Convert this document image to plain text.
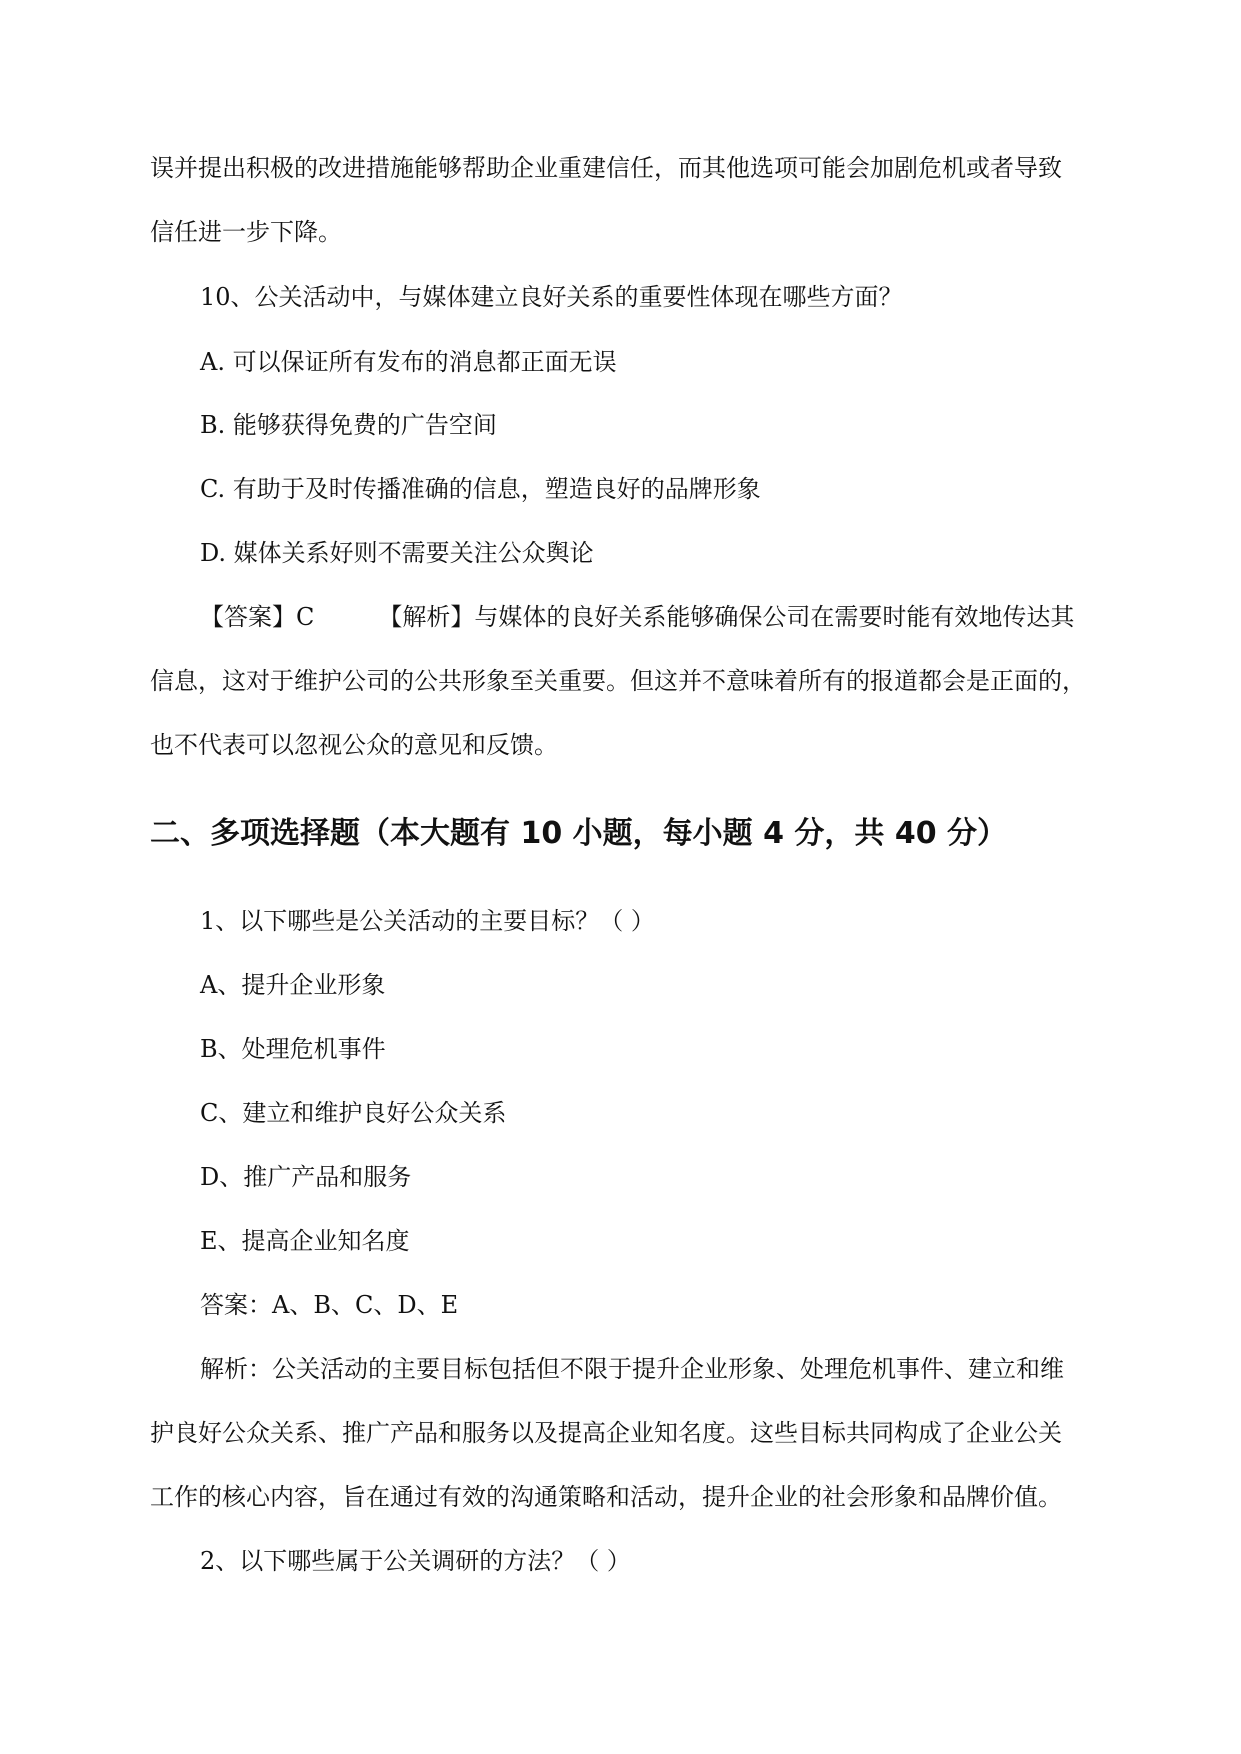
误并提出积极的改进措施能够帮助企业重建信任，而其他选项可能会加剧危机或者导致
信任进一步下降。
10、公关活动中，与媒体建立良好关系的重要性体现在哪些方面？
A. 可以保证所有发布的消息都正面无误
B. 能够获得免费的广告空间
C. 有助于及时传播准确的信息，塑造良好的品牌形象
D. 媒体关系好则不需要关注公众舆论
【答案】C	【解析】与媒体的良好关系能够确保公司在需要时能有效地传达其
信息，这对于维护公司的公共形象至关重要。但这并不意味着所有的报道都会是正面的，
也不代表可以忽视公众的意见和反馈。
二、多项选择题（本大题有 10 小题，每小题 4 分，共 40 分）
1、以下哪些是公关活动的主要目标？（ ）
A、提升企业形象
B、处理危机事件
C、建立和维护良好公众关系
D、推广产品和服务
E、提高企业知名度
答案：A、B、C、D、E
解析：公关活动的主要目标包括但不限于提升企业形象、处理危机事件、建立和维
护良好公众关系、推广产品和服务以及提高企业知名度。这些目标共同构成了企业公关
工作的核心内容，旨在通过有效的沟通策略和活动，提升企业的社会形象和品牌价值。
2、以下哪些属于公关调研的方法？（ ）
